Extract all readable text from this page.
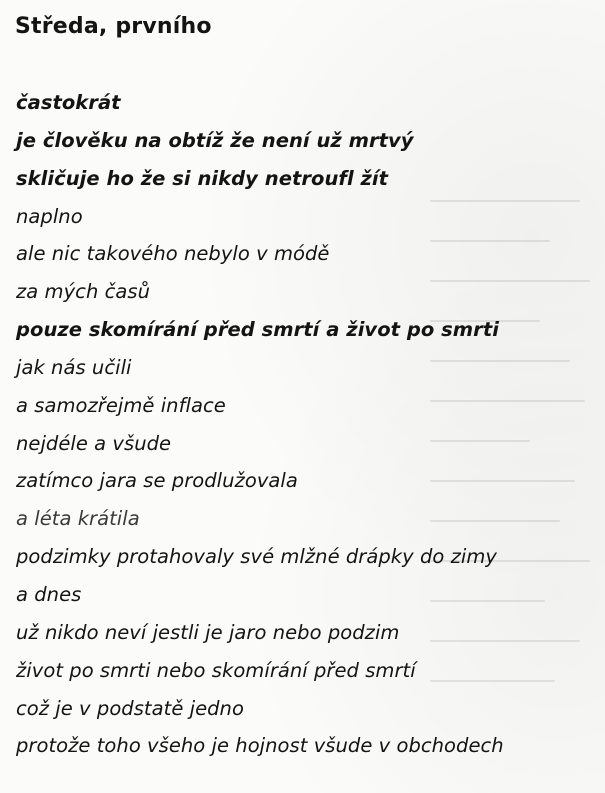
Středa, prvního
častokrát
je člověku na obtíž že není už mrtvý
skličuje ho že si nikdy netroufl žít
naplno
ale nic takového nebylo v módě
za mých časů
pouze skomírání před smrtí a život po smrti
jak nás učili
a samozřejmě inflace
nejdéle a všude
zatímco jara se prodlužovala
a léta krátila
podzimky protahovaly své mlžné drápky do zimy
a dnes
už nikdo neví jestli je jaro nebo podzim
život po smrti nebo skomírání před smrtí
což je v podstatě jedno
protože toho všeho je hojnost všude v obchodech
